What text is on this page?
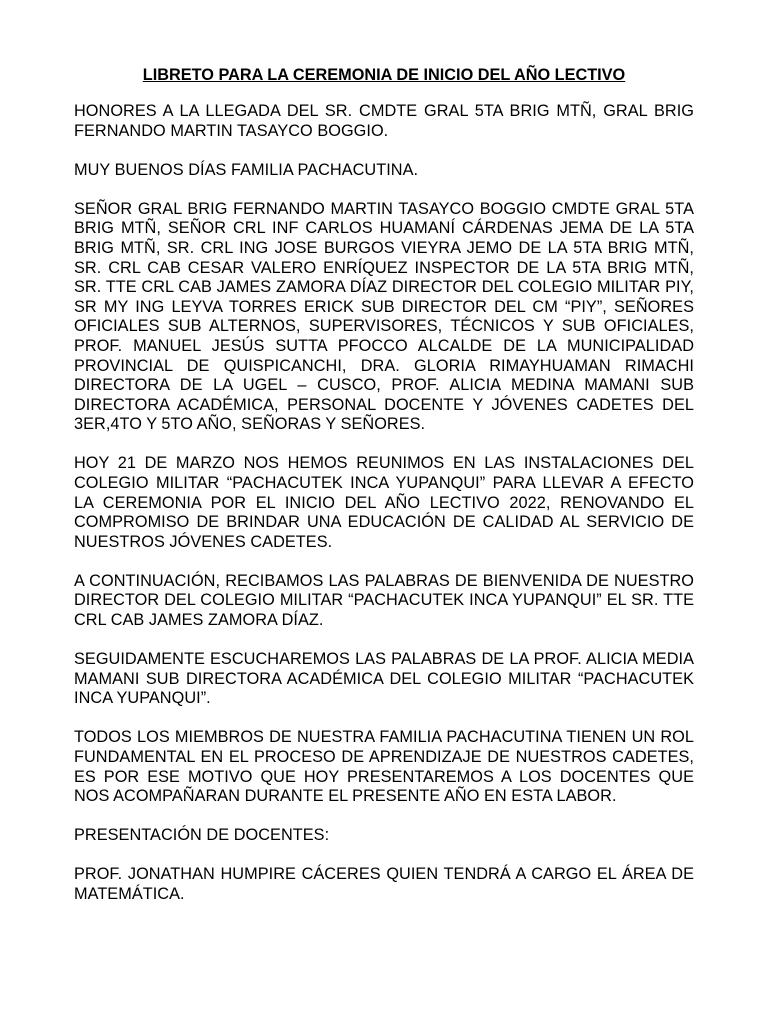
LIBRETO PARA LA CEREMONIA DE INICIO DEL AÑO LECTIVO

HONORES A LA LLEGADA DEL SR. CMDTE GRAL 5TA BRIG MTÑ, GRAL BRIG FERNANDO MARTIN TASAYCO BOGGIO.

MUY BUENOS DÍAS FAMILIA PACHACUTINA.

SEÑOR GRAL BRIG FERNANDO MARTIN TASAYCO BOGGIO CMDTE GRAL 5TA BRIG MTÑ, SEÑOR CRL INF CARLOS HUAMANÍ CÁRDENAS JEMA DE LA 5TA BRIG MTÑ, SR. CRL ING JOSE BURGOS VIEYRA JEMO DE LA 5TA BRIG MTÑ, SR. CRL CAB CESAR VALERO ENRÍQUEZ INSPECTOR DE LA 5TA BRIG MTÑ, SR. TTE CRL CAB JAMES ZAMORA DÍAZ DIRECTOR DEL COLEGIO MILITAR PIY, SR MY ING LEYVA TORRES ERICK SUB DIRECTOR DEL CM “PIY”, SEÑORES OFICIALES SUB ALTERNOS, SUPERVISORES, TÉCNICOS Y SUB OFICIALES, PROF. MANUEL JESÚS SUTTA PFOCCO ALCALDE DE LA MUNICIPALIDAD PROVINCIAL DE QUISPICANCHI, DRA. GLORIA RIMAYHUAMAN RIMACHI DIRECTORA DE LA UGEL – CUSCO, PROF. ALICIA MEDINA MAMANI SUB DIRECTORA ACADÉMICA, PERSONAL DOCENTE Y JÓVENES CADETES DEL 3ER,4TO Y 5TO AÑO, SEÑORAS Y SEÑORES.

HOY 21 DE MARZO NOS HEMOS REUNIMOS EN LAS INSTALACIONES DEL COLEGIO MILITAR “PACHACUTEK INCA YUPANQUI” PARA LLEVAR A EFECTO LA CEREMONIA POR EL INICIO DEL AÑO LECTIVO 2022, RENOVANDO EL COMPROMISO DE BRINDAR UNA EDUCACIÓN DE CALIDAD AL SERVICIO DE NUESTROS JÓVENES CADETES.

A CONTINUACIÓN, RECIBAMOS LAS PALABRAS DE BIENVENIDA DE NUESTRO DIRECTOR DEL COLEGIO MILITAR “PACHACUTEK INCA YUPANQUI” EL SR. TTE CRL CAB JAMES ZAMORA DÍAZ.

SEGUIDAMENTE ESCUCHAREMOS LAS PALABRAS DE LA PROF. ALICIA MEDIA MAMANI SUB DIRECTORA ACADÉMICA DEL COLEGIO MILITAR “PACHACUTEK INCA YUPANQUI”.

TODOS LOS MIEMBROS DE NUESTRA FAMILIA PACHACUTINA TIENEN UN ROL FUNDAMENTAL EN EL PROCESO DE APRENDIZAJE DE NUESTROS CADETES, ES POR ESE MOTIVO QUE HOY PRESENTAREMOS A LOS DOCENTES QUE NOS ACOMPAÑARAN DURANTE EL PRESENTE AÑO EN ESTA LABOR.

PRESENTACIÓN DE DOCENTES:

PROF. JONATHAN HUMPIRE CÁCERES QUIEN TENDRÁ A CARGO EL ÁREA DE MATEMÁTICA.
